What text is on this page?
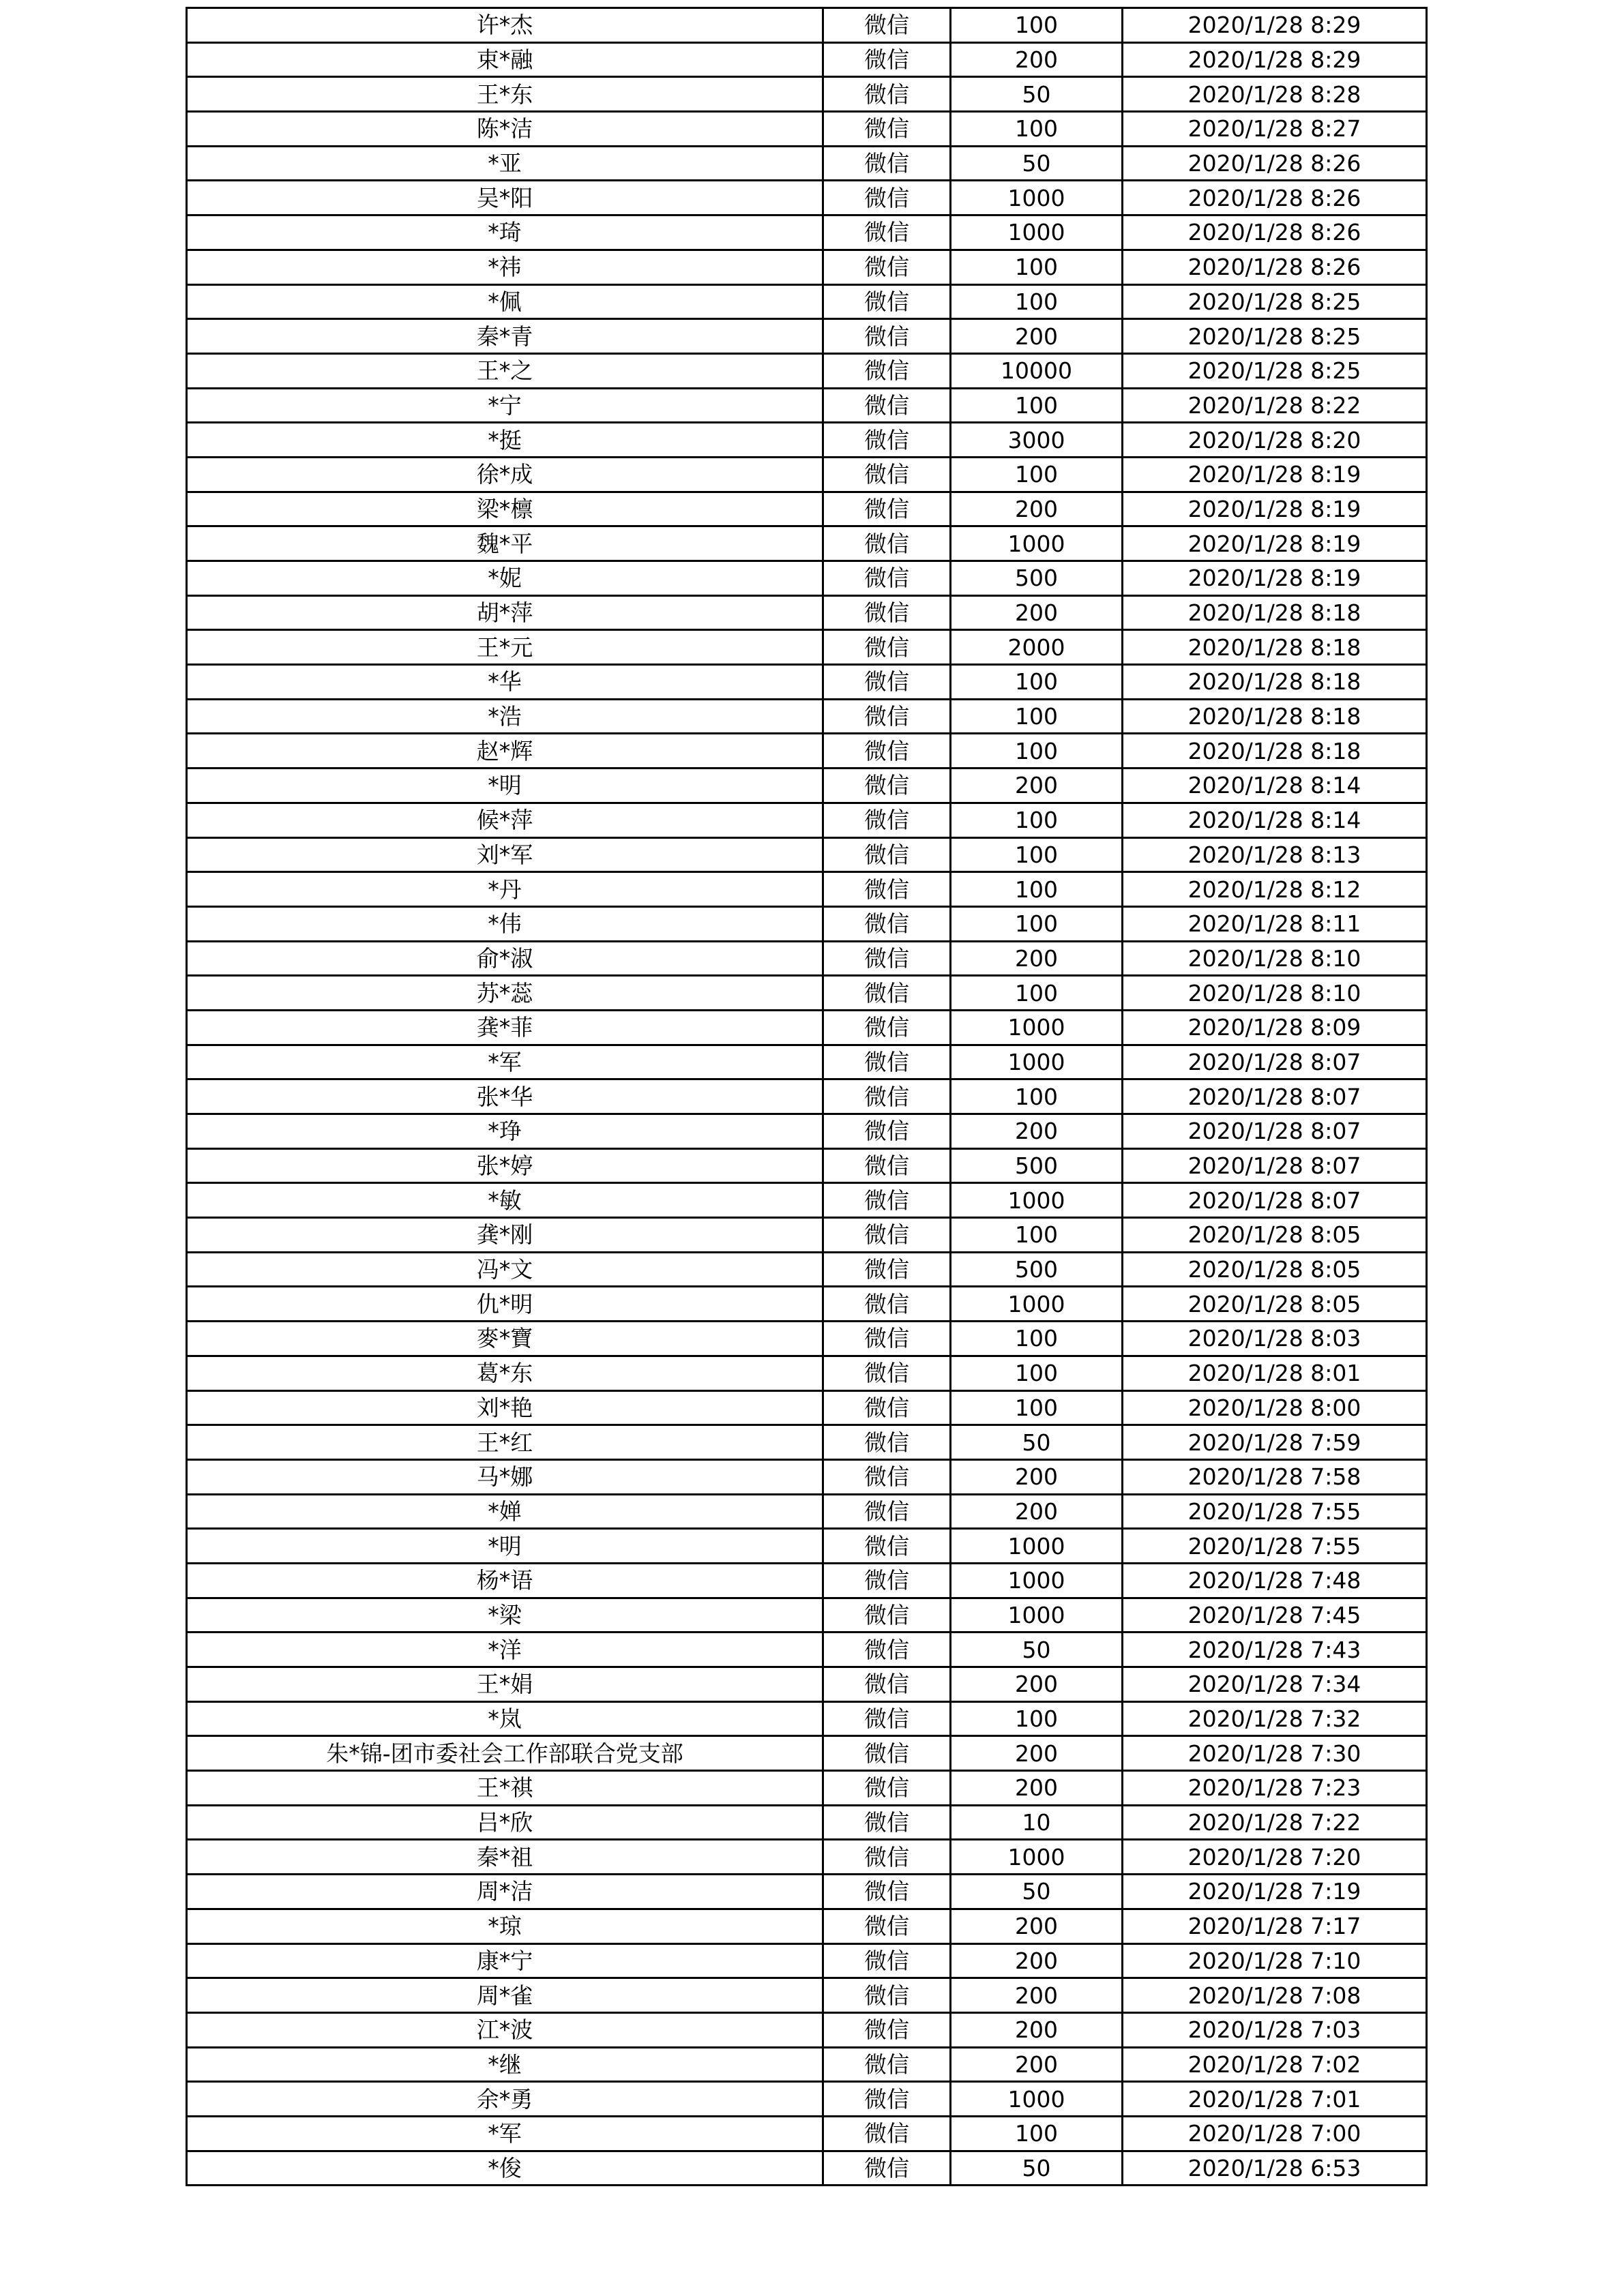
许*杰	微信	100	2020/1/28 8:29
束*融	微信	200	2020/1/28 8:29
王*东	微信	50	2020/1/28 8:28
陈*洁	微信	100	2020/1/28 8:27
*亚	微信	50	2020/1/28 8:26
吴*阳	微信	1000	2020/1/28 8:26
*琦	微信	1000	2020/1/28 8:26
*祎	微信	100	2020/1/28 8:26
*佩	微信	100	2020/1/28 8:25
秦*青	微信	200	2020/1/28 8:25
王*之	微信	10000	2020/1/28 8:25
*宁	微信	100	2020/1/28 8:22
*挺	微信	3000	2020/1/28 8:20
徐*成	微信	100	2020/1/28 8:19
梁*檩	微信	200	2020/1/28 8:19
魏*平	微信	1000	2020/1/28 8:19
*妮	微信	500	2020/1/28 8:19
胡*萍	微信	200	2020/1/28 8:18
王*元	微信	2000	2020/1/28 8:18
*华	微信	100	2020/1/28 8:18
*浩	微信	100	2020/1/28 8:18
赵*辉	微信	100	2020/1/28 8:18
*明	微信	200	2020/1/28 8:14
候*萍	微信	100	2020/1/28 8:14
刘*军	微信	100	2020/1/28 8:13
*丹	微信	100	2020/1/28 8:12
*伟	微信	100	2020/1/28 8:11
俞*淑	微信	200	2020/1/28 8:10
苏*蕊	微信	100	2020/1/28 8:10
龚*菲	微信	1000	2020/1/28 8:09
*军	微信	1000	2020/1/28 8:07
张*华	微信	100	2020/1/28 8:07
*琤	微信	200	2020/1/28 8:07
张*婷	微信	500	2020/1/28 8:07
*敏	微信	1000	2020/1/28 8:07
龚*刚	微信	100	2020/1/28 8:05
冯*文	微信	500	2020/1/28 8:05
仇*明	微信	1000	2020/1/28 8:05
麥*寶	微信	100	2020/1/28 8:03
葛*东	微信	100	2020/1/28 8:01
刘*艳	微信	100	2020/1/28 8:00
王*红	微信	50	2020/1/28 7:59
马*娜	微信	200	2020/1/28 7:58
*婵	微信	200	2020/1/28 7:55
*明	微信	1000	2020/1/28 7:55
杨*语	微信	1000	2020/1/28 7:48
*梁	微信	1000	2020/1/28 7:45
*洋	微信	50	2020/1/28 7:43
王*娟	微信	200	2020/1/28 7:34
*岚	微信	100	2020/1/28 7:32
朱*锦-团市委社会工作部联合党支部	微信	200	2020/1/28 7:30
王*祺	微信	200	2020/1/28 7:23
吕*欣	微信	10	2020/1/28 7:22
秦*祖	微信	1000	2020/1/28 7:20
周*洁	微信	50	2020/1/28 7:19
*琼	微信	200	2020/1/28 7:17
康*宁	微信	200	2020/1/28 7:10
周*雀	微信	200	2020/1/28 7:08
江*波	微信	200	2020/1/28 7:03
*继	微信	200	2020/1/28 7:02
余*勇	微信	1000	2020/1/28 7:01
*军	微信	100	2020/1/28 7:00
*俊	微信	50	2020/1/28 6:53
